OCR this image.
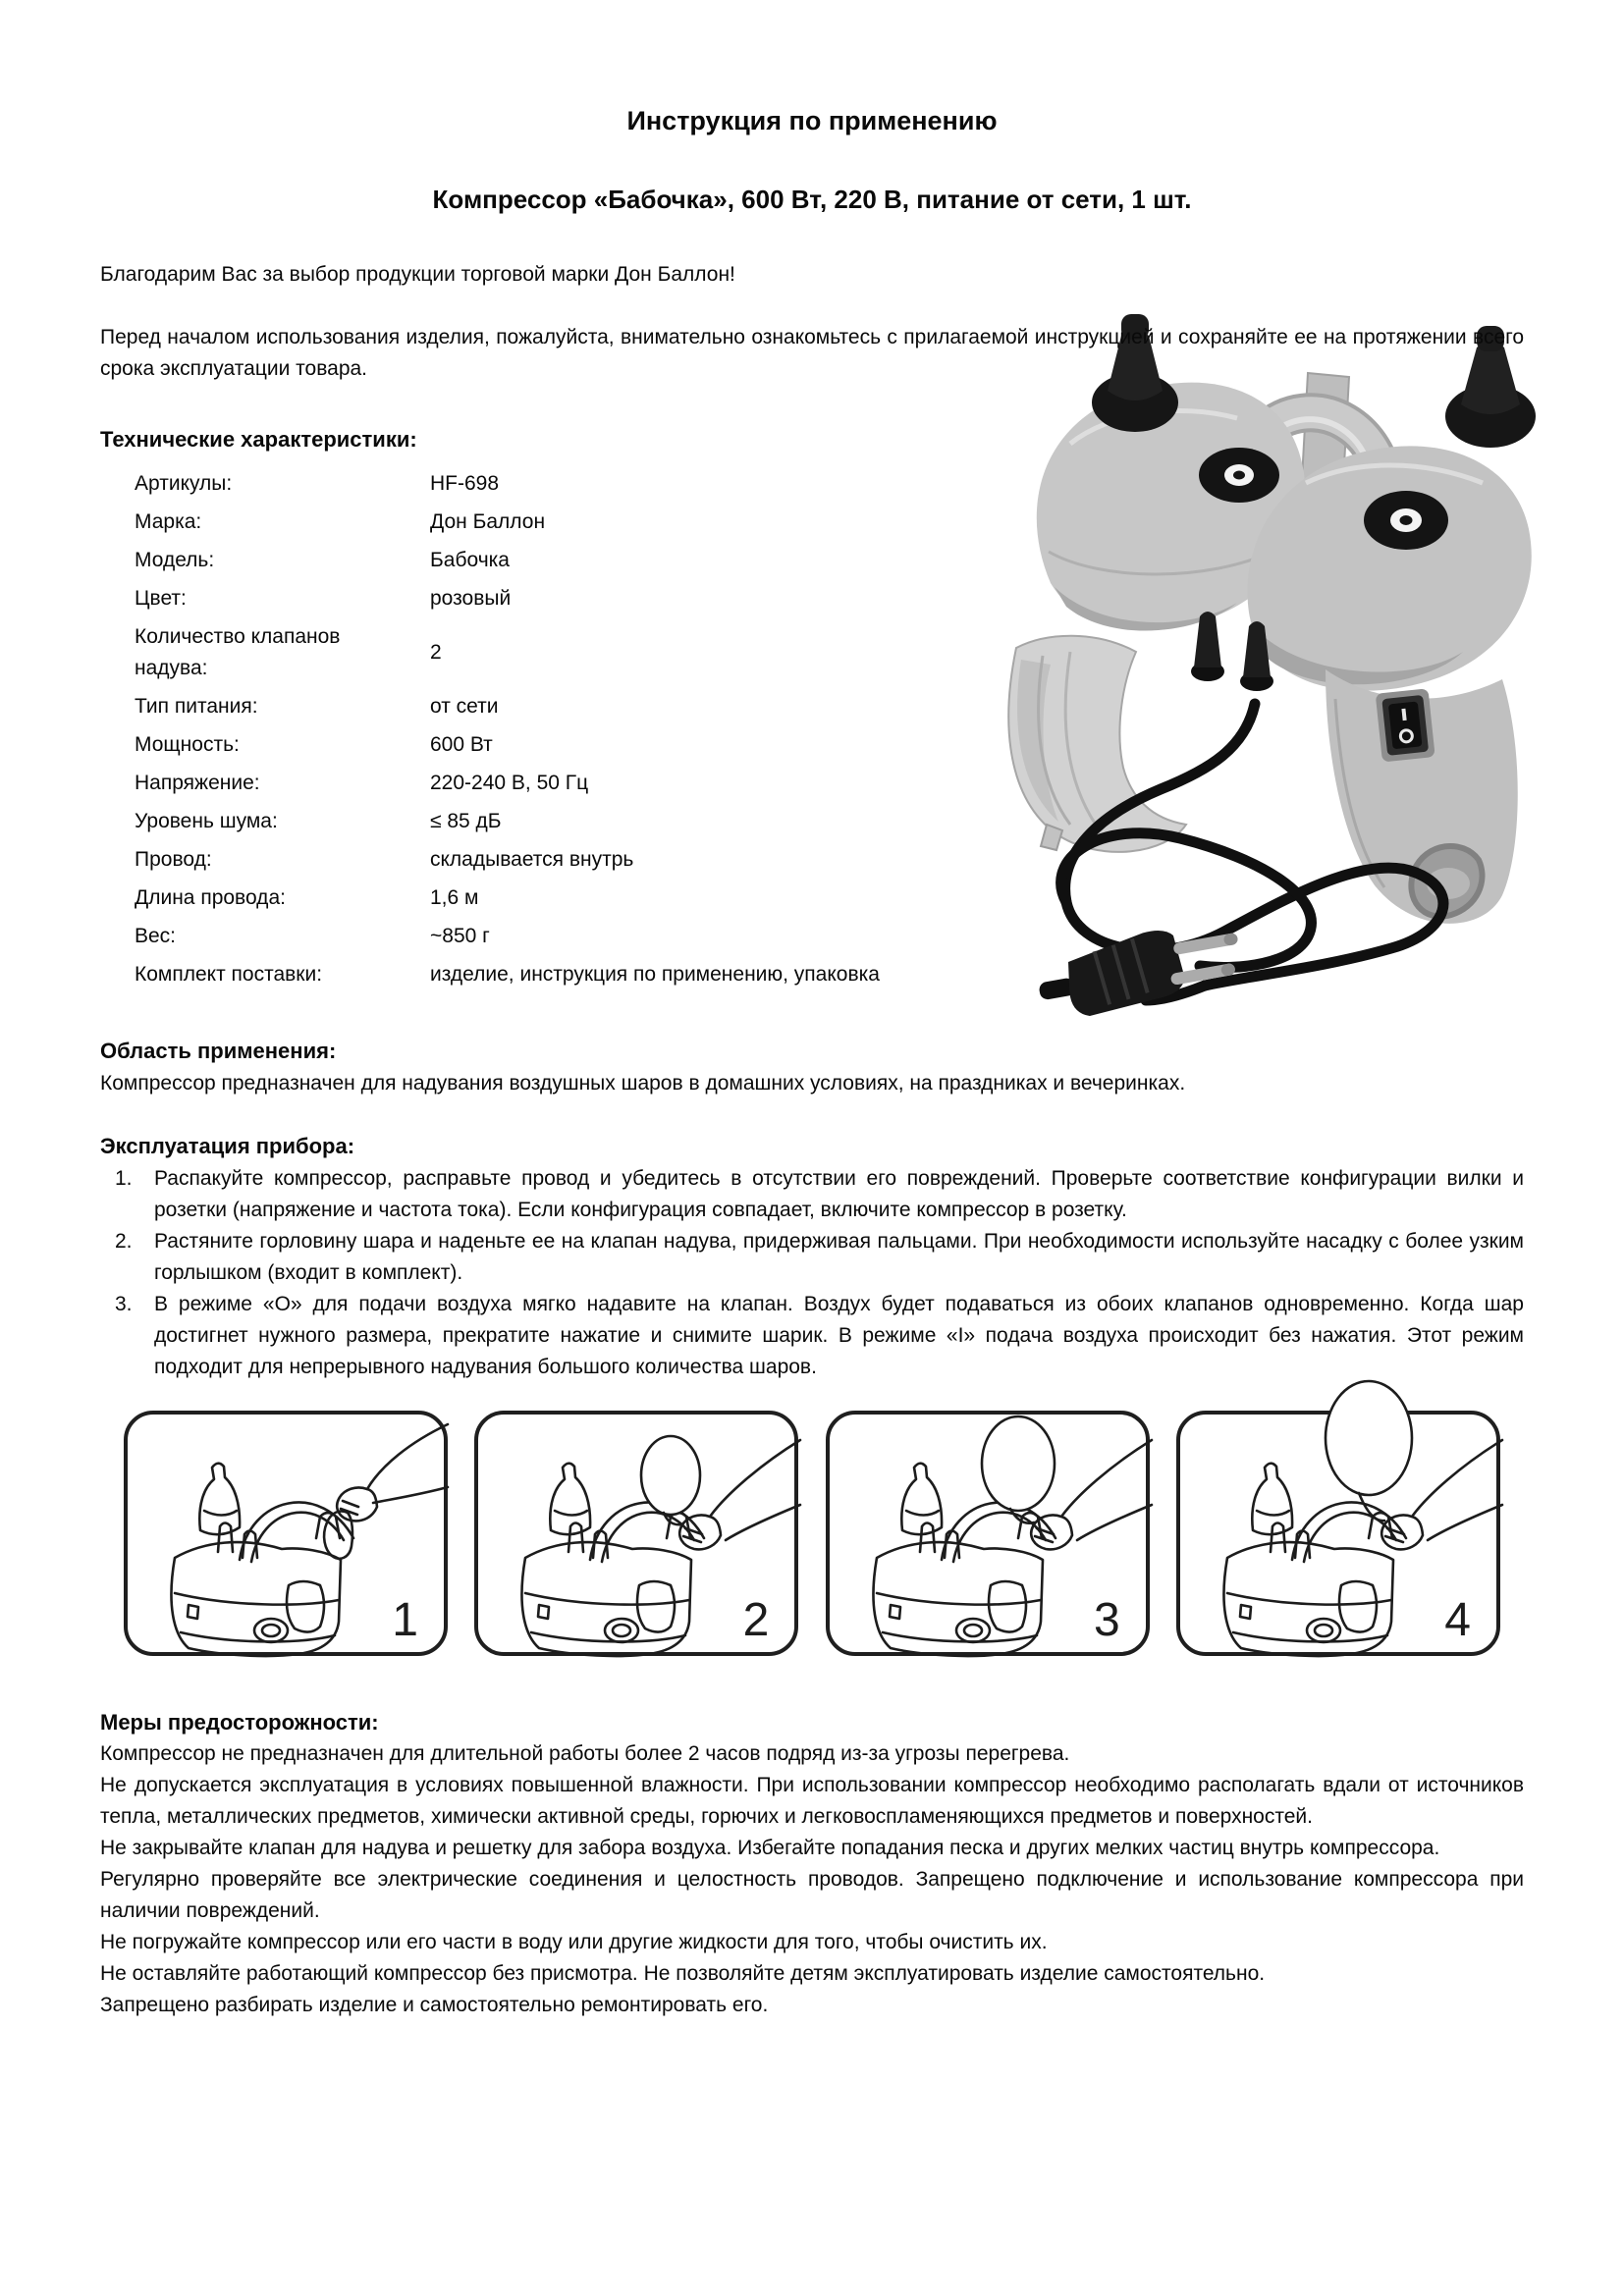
Инструкция по применению
Компрессор «Бабочка», 600 Вт, 220 В, питание от сети, 1 шт.

Благодарим Вас за выбор продукции торговой марки Дон Баллон!

Перед началом использования изделия, пожалуйста, внимательно ознакомьтесь с прилагаемой инструкцией и сохраняйте ее на протяжении всего срока эксплуатации товара.

Технические характеристики:
Артикулы:	HF-698
Марка:	Дон Баллон
Модель:	Бабочка
Цвет:	розовый
Количество клапанов надува:
2
Тип питания:	от сети
Мощность:	600 Вт
Напряжение:	220-240 В, 50 Гц
Уровень шума:	≤ 85 дБ
Провод:	складывается внутрь
Длина провода:	1,6 м
Вес:	~850 г
Комплект поставки:	изделие, инструкция по применению, упаковка
Область применения:

Компрессор предназначен для надувания воздушных шаров в домашних условиях, на праздниках и вечеринках.

Эксплуатация прибора:
1.	Распакуйте компрессор, расправьте провод и убедитесь в отсутствии его повреждений. Проверьте соответствие конфигурации вилки и розетки (напряжение и частота тока). Если конфигурация совпадает, включите компрессор в розетку.
2.	Растяните горловину шара и наденьте ее на клапан надува, придерживая пальцами. При необходимости используйте насадку с более узким горлышком (входит в комплект).
3.	В режиме «О» для подачи воздуха мягко надавите на клапан. Воздух будет подаваться из обоих клапанов одновременно. Когда шар достигнет нужного размера, прекратите нажатие и снимите шарик. В режиме «I» подача воздуха происходит без нажатия. Этот режим подходит для непрерывного надувания большого количества шаров.
1	2	3	4
Меры предосторожности:

Компрессор не предназначен для длительной работы более 2 часов подряд из-за угрозы перегрева.

Не допускается эксплуатация в условиях повышенной влажности. При использовании компрессор необходимо располагать вдали от источников тепла, металлических предметов, химически активной среды, горючих и легковоспламеняющихся предметов и поверхностей.

Не закрывайте клапан для надува и решетку для забора воздуха. Избегайте попадания песка и других мелких частиц внутрь компрессора.

Регулярно проверяйте все электрические соединения и целостность проводов. Запрещено подключение и использование компрессора при наличии повреждений.

Не погружайте компрессор или его части в воду или другие жидкости для того, чтобы очистить их.

Не оставляйте работающий компрессор без присмотра. Не позволяйте детям эксплуатировать изделие самостоятельно.

Запрещено разбирать изделие и самостоятельно ремонтировать его.
